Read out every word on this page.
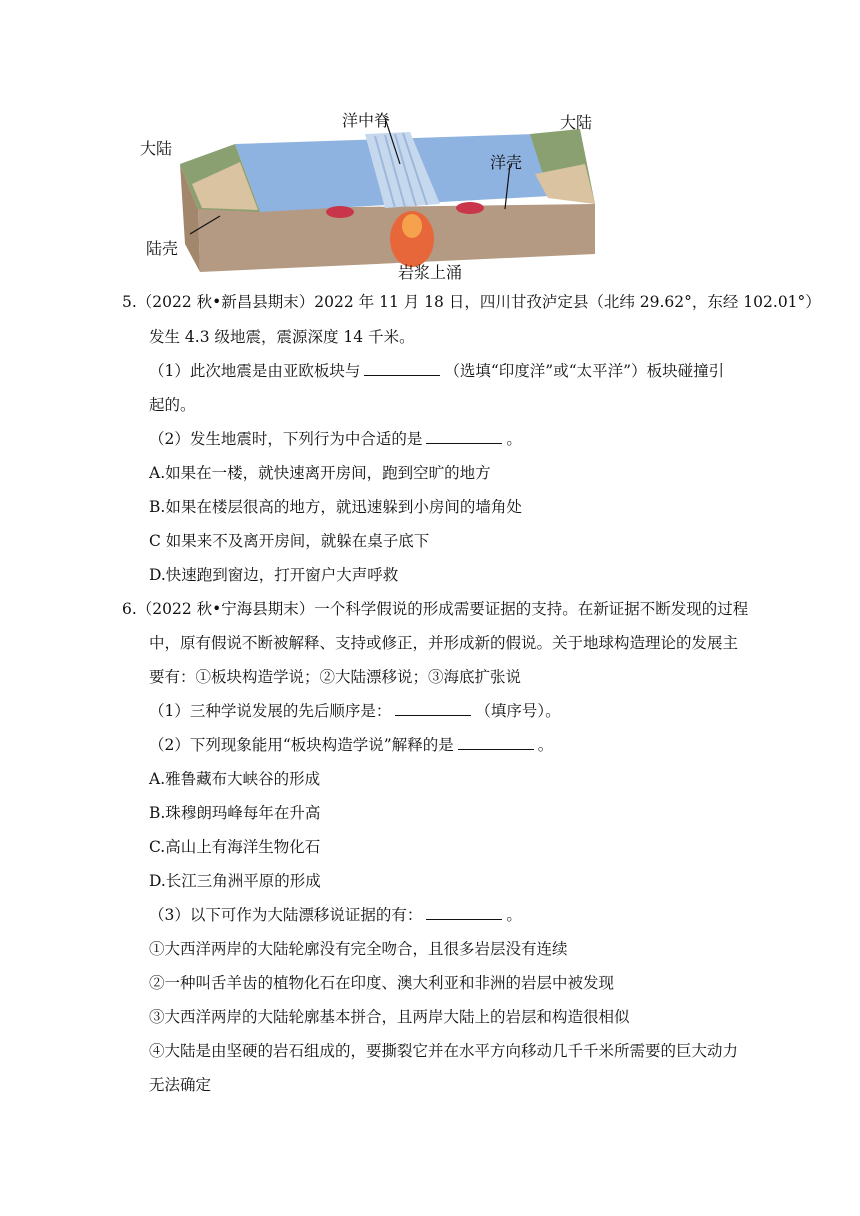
洋中脊
大陆
大陆
洋壳
陆壳
岩浆上涌
5.（2022 秋•新昌县期末）2022 年 11 月 18 日，四川甘孜泸定县（北纬 29.62°，东经 102.01°）
发生 4.3 级地震，震源深度 14 千米。
（1）此次地震是由亚欧板块与	（选填“印度洋”或“太平洋”）板块碰撞引
起的。
（2）发生地震时，下列行为中合适的是	。
A.如果在一楼，就快速离开房间，跑到空旷的地方
B.如果在楼层很高的地方，就迅速躲到小房间的墙角处
C 如果来不及离开房间，就躲在桌子底下
D.快速跑到窗边，打开窗户大声呼救
6.（2022 秋•宁海县期末）一个科学假说的形成需要证据的支持。在新证据不断发现的过程
中，原有假说不断被解释、支持或修正，并形成新的假说。关于地球构造理论的发展主
要有：①板块构造学说；②大陆漂移说；③海底扩张说
（1）三种学说发展的先后顺序是：	（填序号）。
（2）下列现象能用“板块构造学说”解释的是	。
A.雅鲁藏布大峡谷的形成
B.珠穆朗玛峰每年在升高
C.高山上有海洋生物化石
D.长江三角洲平原的形成
（3）以下可作为大陆漂移说证据的有：	。
①大西洋两岸的大陆轮廓没有完全吻合，且很多岩层没有连续
②一种叫舌羊齿的植物化石在印度、澳大利亚和非洲的岩层中被发现
③大西洋两岸的大陆轮廓基本拼合，且两岸大陆上的岩层和构造很相似
④大陆是由坚硬的岩石组成的，要撕裂它并在水平方向移动几千千米所需要的巨大动力
无法确定
